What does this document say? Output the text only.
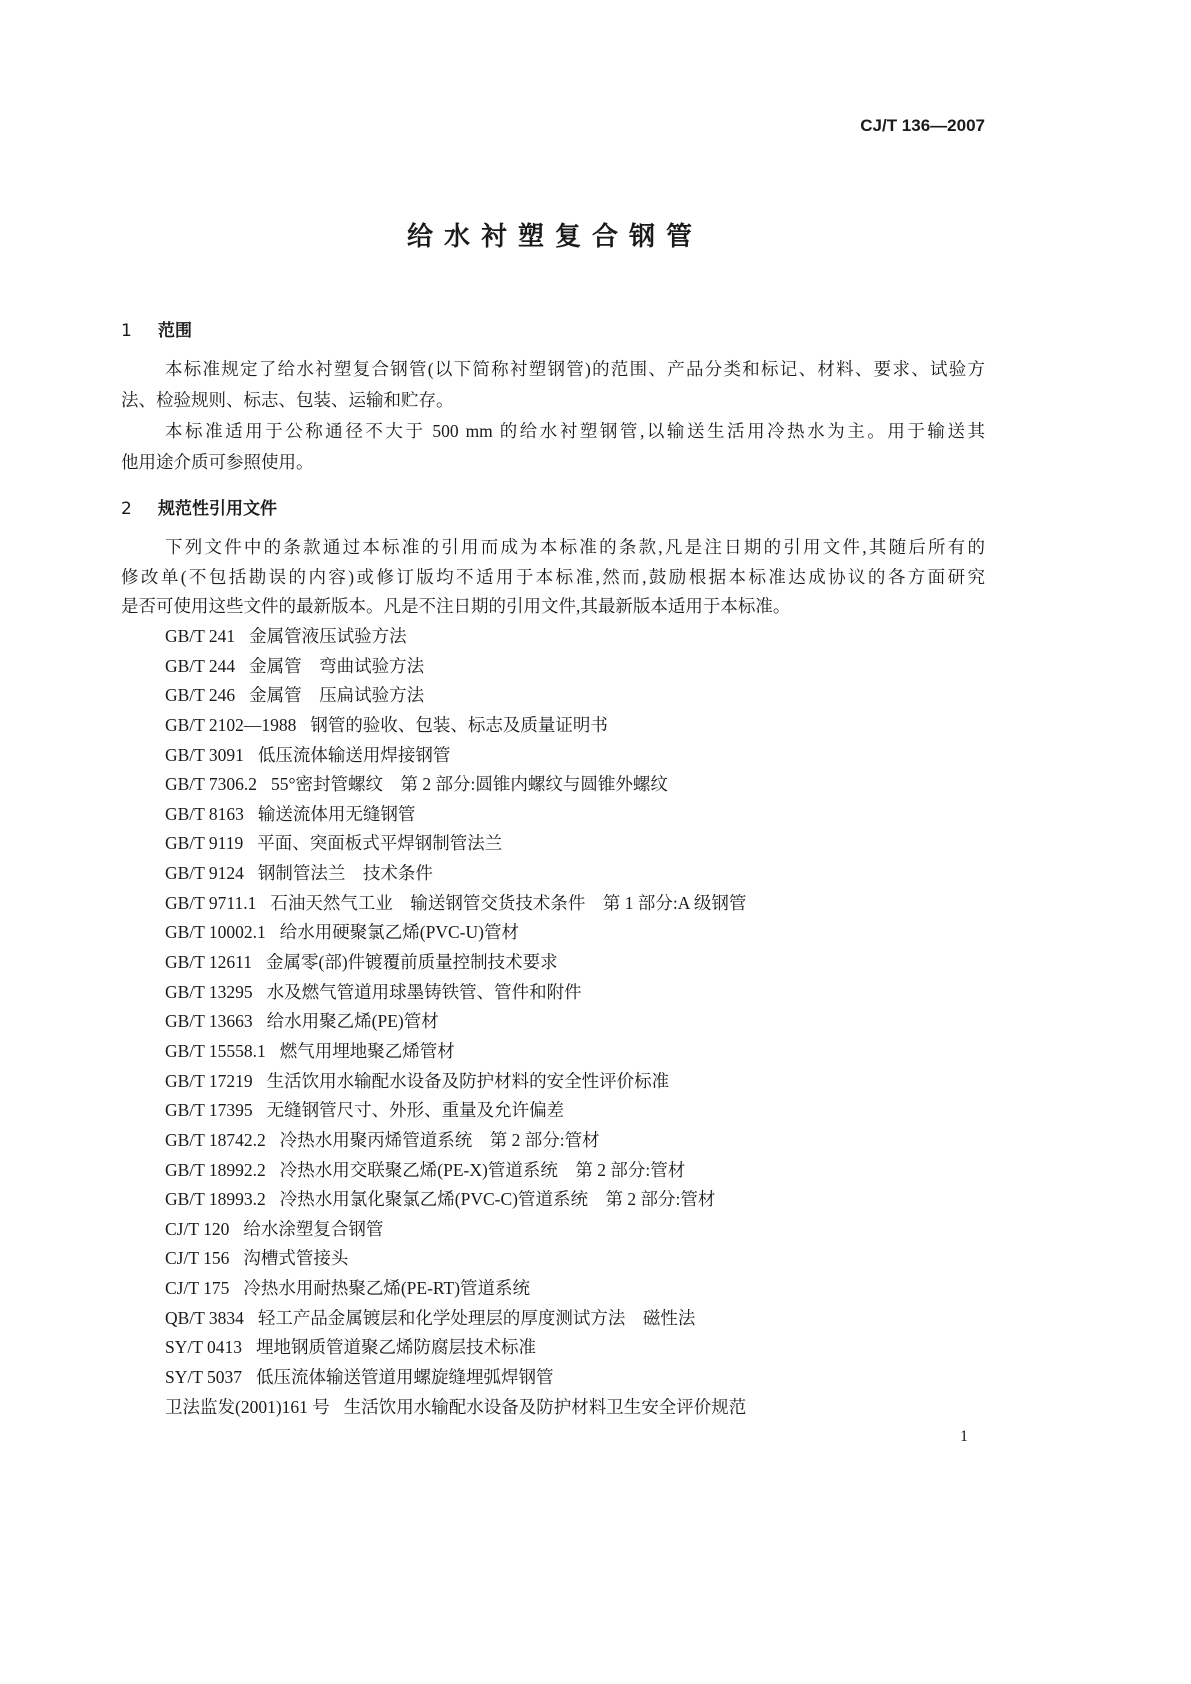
CJ/T 136—2007
给水衬塑复合钢管
1 范围
本标准规定了给水衬塑复合钢管(以下简称衬塑钢管)的范围、产品分类和标记、材料、要求、试验方
法、检验规则、标志、包装、运输和贮存。
本标准适用于公称通径不大于 500 mm 的给水衬塑钢管,以输送生活用冷热水为主。用于输送其
他用途介质可参照使用。
2 规范性引用文件
下列文件中的条款通过本标准的引用而成为本标准的条款,凡是注日期的引用文件,其随后所有的
修改单(不包括勘误的内容)或修订版均不适用于本标准,然而,鼓励根据本标准达成协议的各方面研究
是否可使用这些文件的最新版本。凡是不注日期的引用文件,其最新版本适用于本标准。
GB/T 241 金属管液压试验方法
GB/T 244 金属管　弯曲试验方法
GB/T 246 金属管　压扁试验方法
GB/T 2102—1988 钢管的验收、包装、标志及质量证明书
GB/T 3091 低压流体输送用焊接钢管
GB/T 7306.2 55°密封管螺纹　第 2 部分:圆锥内螺纹与圆锥外螺纹
GB/T 8163 输送流体用无缝钢管
GB/T 9119 平面、突面板式平焊钢制管法兰
GB/T 9124 钢制管法兰　技术条件
GB/T 9711.1 石油天然气工业　输送钢管交货技术条件　第 1 部分:A 级钢管
GB/T 10002.1 给水用硬聚氯乙烯(PVC-U)管材
GB/T 12611 金属零(部)件镀覆前质量控制技术要求
GB/T 13295 水及燃气管道用球墨铸铁管、管件和附件
GB/T 13663 给水用聚乙烯(PE)管材
GB/T 15558.1 燃气用埋地聚乙烯管材
GB/T 17219 生活饮用水输配水设备及防护材料的安全性评价标准
GB/T 17395 无缝钢管尺寸、外形、重量及允许偏差
GB/T 18742.2 冷热水用聚丙烯管道系统　第 2 部分:管材
GB/T 18992.2 冷热水用交联聚乙烯(PE-X)管道系统　第 2 部分:管材
GB/T 18993.2 冷热水用氯化聚氯乙烯(PVC-C)管道系统　第 2 部分:管材
CJ/T 120 给水涂塑复合钢管
CJ/T 156 沟槽式管接头
CJ/T 175 冷热水用耐热聚乙烯(PE-RT)管道系统
QB/T 3834 轻工产品金属镀层和化学处理层的厚度测试方法　磁性法
SY/T 0413 埋地钢质管道聚乙烯防腐层技术标准
SY/T 5037 低压流体输送管道用螺旋缝埋弧焊钢管
卫法监发(2001)161 号 生活饮用水输配水设备及防护材料卫生安全评价规范
1
